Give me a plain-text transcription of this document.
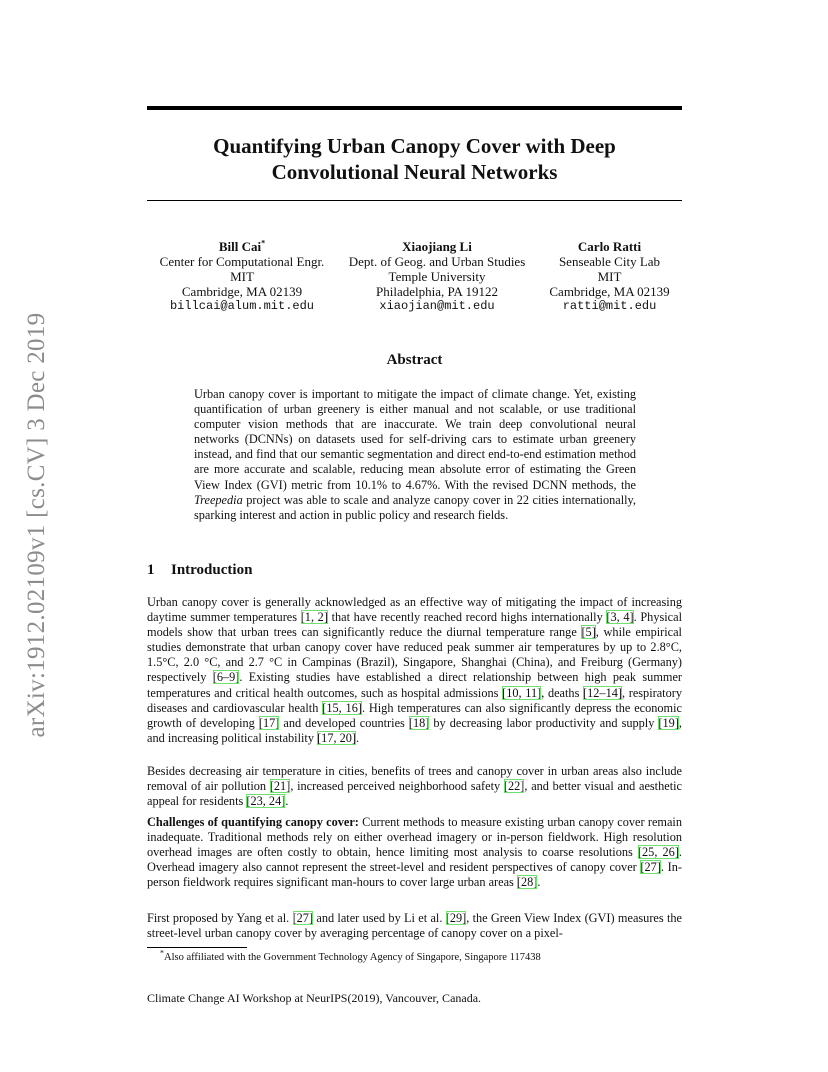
arXiv:1912.02109v1 [cs.CV] 3 Dec 2019
Quantifying Urban Canopy Cover with Deep
Convolutional Neural Networks
Bill Cai*
Center for Computational Engr.
MIT
Cambridge, MA 02139
billcai@alum.mit.edu
Xiaojiang Li
Dept. of Geog. and Urban Studies
Temple University
Philadelphia, PA 19122
xiaojian@mit.edu
Carlo Ratti
Senseable City Lab
MIT
Cambridge, MA 02139
ratti@mit.edu
Abstract
Urban canopy cover is important to mitigate the impact of climate change. Yet, existing quantification of urban greenery is either manual and not scalable, or use traditional computer vision methods that are inaccurate. We train deep convolutional neural networks (DCNNs) on datasets used for self-driving cars to estimate urban greenery instead, and find that our semantic segmentation and direct end-to-end estimation method are more accurate and scalable, reducing mean absolute error of estimating the Green View Index (GVI) metric from 10.1% to 4.67%. With the revised DCNN methods, the Treepedia project was able to scale and analyze canopy cover in 22 cities internationally, sparking interest and action in public policy and research fields.
1 Introduction

Urban canopy cover is generally acknowledged as an effective way of mitigating the impact of increasing daytime summer temperatures [1, 2] that have recently reached record highs internationally [3, 4]. Physical models show that urban trees can significantly reduce the diurnal temperature range [5], while empirical studies demonstrate that urban canopy cover have reduced peak summer air temperatures by up to 2.8°C, 1.5°C, 2.0 °C, and 2.7 °C in Campinas (Brazil), Singapore, Shanghai (China), and Freiburg (Germany) respectively [6–9]. Existing studies have established a direct relationship between high peak summer temperatures and critical health outcomes, such as hospital admissions [10, 11], deaths [12–14], respiratory diseases and cardiovascular health [15, 16]. High temperatures can also significantly depress the economic growth of developing [17] and developed countries [18] by decreasing labor productivity and supply [19], and increasing political instability [17, 20].

Besides decreasing air temperature in cities, benefits of trees and canopy cover in urban areas also include removal of air pollution [21], increased perceived neighborhood safety [22], and better visual and aesthetic appeal for residents [23, 24].

Challenges of quantifying canopy cover: Current methods to measure existing urban canopy cover remain inadequate. Traditional methods rely on either overhead imagery or in-person fieldwork. High resolution overhead images are often costly to obtain, hence limiting most analysis to coarse resolutions [25, 26]. Overhead imagery also cannot represent the street-level and resident perspectives of canopy cover [27]. In-person fieldwork requires significant man-hours to cover large urban areas [28].

First proposed by Yang et al. [27] and later used by Li et al. [29], the Green View Index (GVI) measures the street-level urban canopy cover by averaging percentage of canopy cover on a pixel-

*Also affiliated with the Government Technology Agency of Singapore, Singapore 117438
Climate Change AI Workshop at NeurIPS(2019), Vancouver, Canada.
